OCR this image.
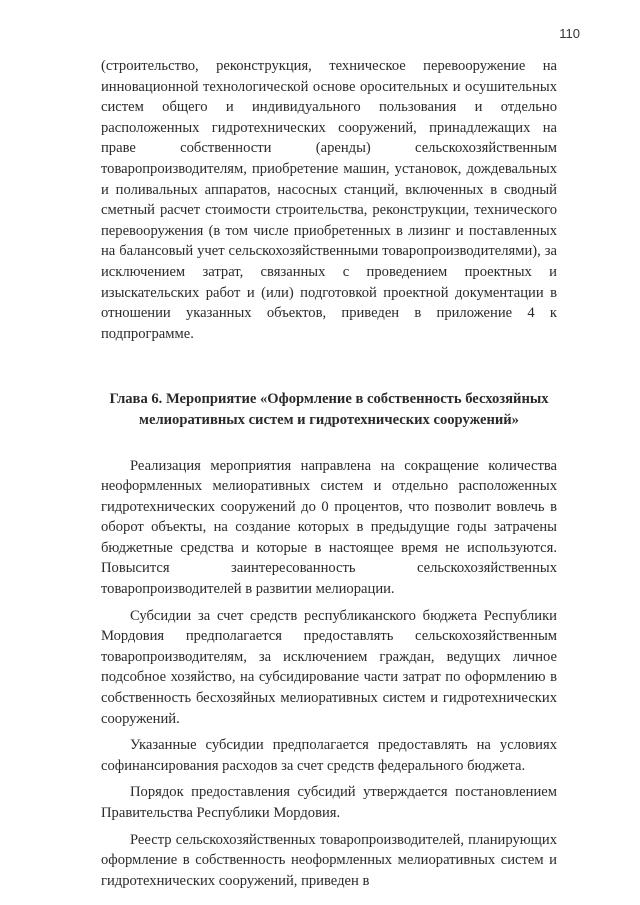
110

(строительство, реконструкция, техническое перевооружение на инновационной технологической основе оросительных и осушительных систем общего и индивидуального пользования и отдельно расположенных гидротехнических сооружений, принадлежащих на праве собственности (аренды) сельскохозяйственным товаропроизводителям, приобретение машин, установок, дождевальных и поливальных аппаратов, насосных станций, включенных в сводный сметный расчет стоимости строительства, реконструкции, технического перевооружения (в том числе приобретенных в лизинг и поставленных на балансовый учет сельскохозяйственными товаропроизводителями), за исключением затрат, связанных с проведением проектных и изыскательских работ и (или) подготовкой проектной документации в отношении указанных объектов, приведен в приложение 4 к подпрограмме.

Глава 6. Мероприятие «Оформление в собственность бесхозяйных мелиоративных систем и гидротехнических сооружений»

Реализация мероприятия направлена на сокращение количества неоформленных мелиоративных систем и отдельно расположенных гидротехнических сооружений до 0 процентов, что позволит вовлечь в оборот объекты, на создание которых в предыдущие годы затрачены бюджетные средства и которые в настоящее время не используются. Повысится заинтересованность сельскохозяйственных товаропроизводителей в развитии мелиорации.

Субсидии за счет средств республиканского бюджета Республики Мордовия предполагается предоставлять сельскохозяйственным товаропроизводителям, за исключением граждан, ведущих личное подсобное хозяйство, на субсидирование части затрат по оформлению в собственность бесхозяйных мелиоративных систем и гидротехнических сооружений.

Указанные субсидии предполагается предоставлять на условиях софинансирования расходов за счет средств федерального бюджета.

Порядок предоставления субсидий утверждается постановлением Правительства Республики Мордовия.

Реестр сельскохозяйственных товаропроизводителей, планирующих оформление в собственность неоформленных мелиоративных систем и гидротехнических сооружений, приведен в
